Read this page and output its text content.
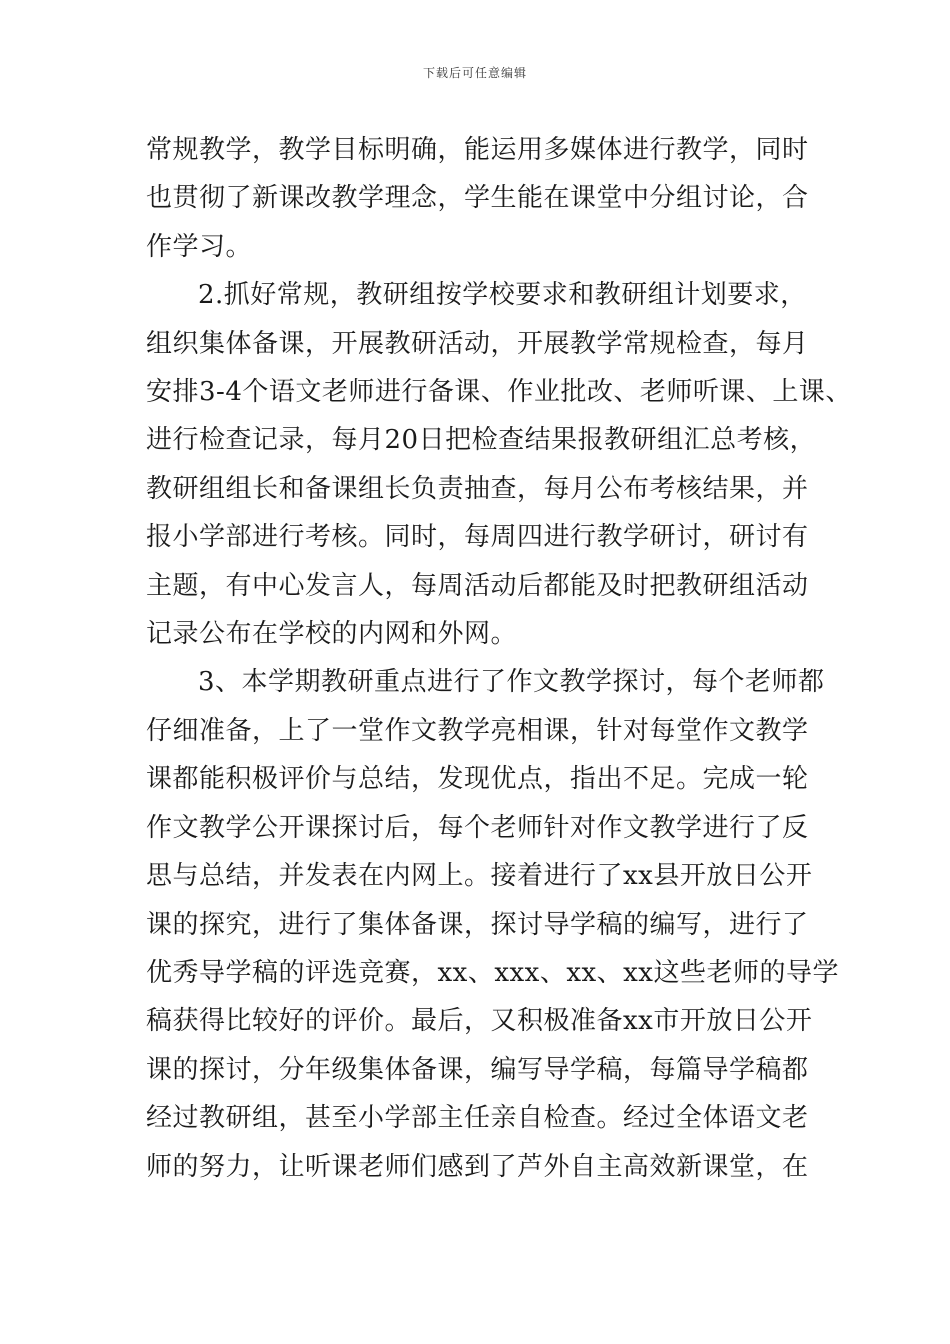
下载后可任意编辑

常规教学，教学目标明确，能运用多媒体进行教学，同时

也贯彻了新课改教学理念，学生能在课堂中分组讨论，合

作学习。

2.抓好常规，教研组按学校要求和教研组计划要求，

组织集体备课，开展教研活动，开展教学常规检查，每月

安排3-4个语文老师进行备课、作业批改、老师听课、上课、

进行检查记录，每月20日把检查结果报教研组汇总考核，

教研组组长和备课组长负责抽查，每月公布考核结果，并

报小学部进行考核。同时，每周四进行教学研讨，研讨有

主题，有中心发言人，每周活动后都能及时把教研组活动

记录公布在学校的内网和外网。

3、本学期教研重点进行了作文教学探讨，每个老师都

仔细准备，上了一堂作文教学亮相课，针对每堂作文教学

课都能积极评价与总结，发现优点，指出不足。完成一轮

作文教学公开课探讨后，每个老师针对作文教学进行了反

思与总结，并发表在内网上。接着进行了xx县开放日公开

课的探究，进行了集体备课，探讨导学稿的编写，进行了

优秀导学稿的评选竞赛，xx、xxx、xx、xx这些老师的导学

稿获得比较好的评价。最后，又积极准备xx市开放日公开

课的探讨，分年级集体备课，编写导学稿，每篇导学稿都

经过教研组，甚至小学部主任亲自检查。经过全体语文老

师的努力，让听课老师们感到了芦外自主高效新课堂，在
